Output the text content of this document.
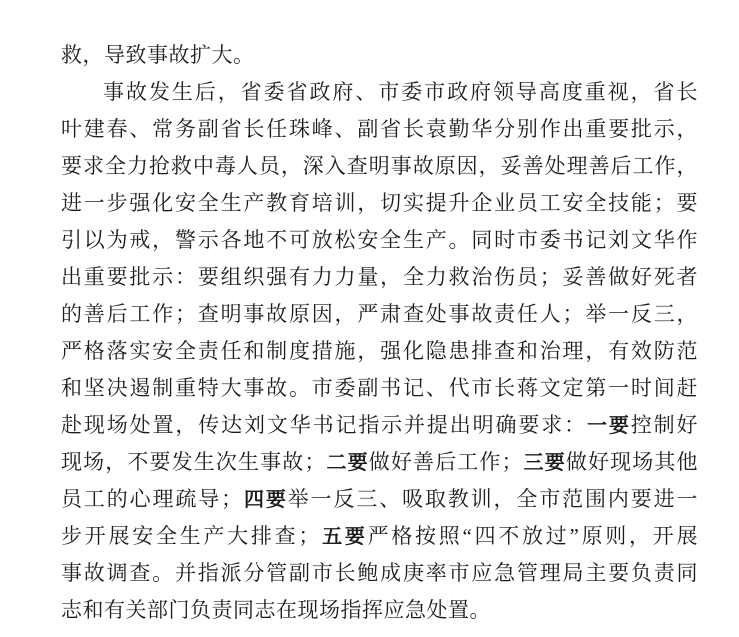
救，导致事故扩大。
事故发生后，省委省政府、市委市政府领导高度重视，省长
叶建春、常务副省长任珠峰、副省长袁勤华分别作出重要批示，
要求全力抢救中毒人员，深入查明事故原因，妥善处理善后工作，
进一步强化安全生产教育培训，切实提升企业员工安全技能；要
引以为戒，警示各地不可放松安全生产。同时市委书记刘文华作
出重要批示：要组织强有力力量，全力救治伤员；妥善做好死者
的善后工作；查明事故原因，严肃查处事故责任人；举一反三，
严格落实安全责任和制度措施，强化隐患排查和治理，有效防范
和坚决遏制重特大事故。市委副书记、代市长蒋文定第一时间赶
赴现场处置，传达刘文华书记指示并提出明确要求：一要控制好
现场，不要发生次生事故；二要做好善后工作；三要做好现场其他
员工的心理疏导；四要举一反三、吸取教训，全市范围内要进一
步开展安全生产大排查；五要严格按照“四不放过”原则，开展
事故调查。并指派分管副市长鲍成庚率市应急管理局主要负责同
志和有关部门负责同志在现场指挥应急处置。
